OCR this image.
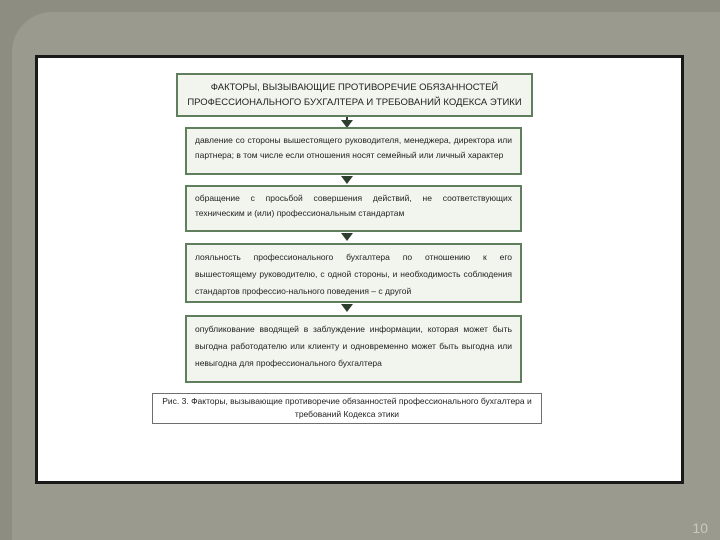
ФАКТОРЫ, ВЫЗЫВАЮЩИЕ ПРОТИВОРЕЧИЕ ОБЯЗАННОСТЕЙ ПРОФЕССИОНАЛЬНОГО БУХГАЛТЕРА И ТРЕБОВАНИЙ КОДЕКСА ЭТИКИ
давление со стороны вышестоящего руководителя, менеджера, директора или партнера; в том числе если отношения носят семейный или личный характер
обращение с просьбой совершения действий, не соответствующих техническим и (или) профессиональным стандартам
лояльность профессионального бухгалтера по отношению к его вышестоящему руководителю, с одной стороны, и необходимость соблюдения стандартов профессио-нального поведения – с другой
опубликование вводящей в заблуждение информации, которая может быть выгодна работодателю или клиенту и одновременно может быть выгодна или невыгодна для профессионального бухгалтера
Рис. 3. Факторы, вызывающие противоречие обязанностей профессионального бухгалтера и требований Кодекса этики
10
